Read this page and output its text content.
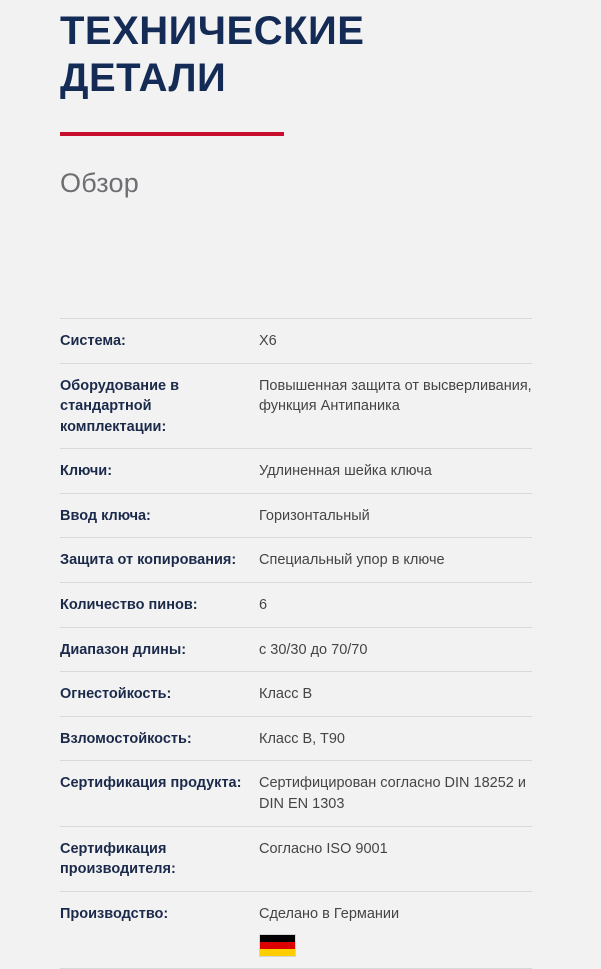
ТЕХНИЧЕСКИЕ ДЕТАЛИ
Обзор
Система:	X6
Оборудование в стандартной комплектации:	Повышенная защита от высверливания, функция Антипаника
Ключи:	Удлиненная шейка ключа
Ввод ключа:	Горизонтальный
Защита от копирования:	Специальный упор в ключе
Количество пинов:	6
Диапазон длины:	с 30/30 до 70/70
Огнестойкость:	Класс B
Взломостойкость:	Класс B, T90
Сертификация продукта:	Сертифицирован согласно DIN 18252 и DIN EN 1303
Сертификация производителя:	Согласно ISO 9001
Производство:	Сделано в Германии
